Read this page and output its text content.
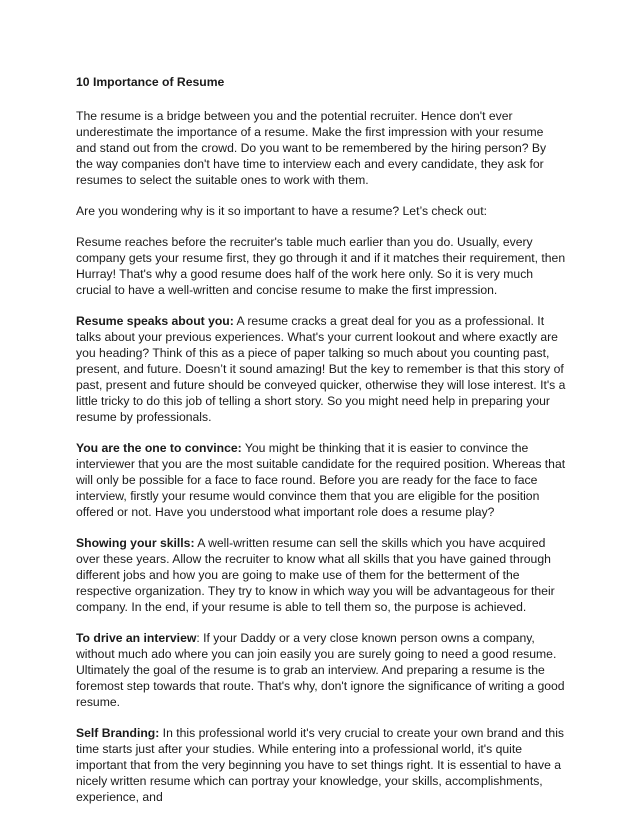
10 Importance of Resume

The resume is a bridge between you and the potential recruiter. Hence don't ever underestimate the importance of a resume. Make the first impression with your resume and stand out from the crowd. Do you want to be remembered by the hiring person? By the way companies don't have time to interview each and every candidate, they ask for resumes to select the suitable ones to work with them.

Are you wondering why is it so important to have a resume? Let’s check out:

Resume reaches before the recruiter's table much earlier than you do. Usually, every company gets your resume first, they go through it and if it matches their requirement, then Hurray! That's why a good resume does half of the work here only. So it is very much crucial to have a well-written and concise resume to make the first impression.

Resume speaks about you: A resume cracks a great deal for you as a professional. It talks about your previous experiences. What's your current lookout and where exactly are you heading? Think of this as a piece of paper talking so much about you counting past, present, and future. Doesn’t it sound amazing! But the key to remember is that this story of past, present and future should be conveyed quicker, otherwise they will lose interest. It's a little tricky to do this job of telling a short story. So you might need help in preparing your resume by professionals.

You are the one to convince: You might be thinking that it is easier to convince the interviewer that you are the most suitable candidate for the required position. Whereas that will only be possible for a face to face round. Before you are ready for the face to face interview, firstly your resume would convince them that you are eligible for the position offered or not. Have you understood what important role does a resume play?

Showing your skills: A well-written resume can sell the skills which you have acquired over these years. Allow the recruiter to know what all skills that you have gained through different jobs and how you are going to make use of them for the betterment of the respective organization. They try to know in which way you will be advantageous for their company. In the end, if your resume is able to tell them so, the purpose is achieved.

To drive an interview: If your Daddy or a very close known person owns a company, without much ado where you can join easily you are surely going to need a good resume. Ultimately the goal of the resume is to grab an interview. And preparing a resume is the foremost step towards that route. That's why, don't ignore the significance of writing a good resume.

Self Branding: In this professional world it's very crucial to create your own brand and this time starts just after your studies. While entering into a professional world, it's quite important that from the very beginning you have to set things right. It is essential to have a nicely written resume which can portray your knowledge, your skills, accomplishments, experience, and
